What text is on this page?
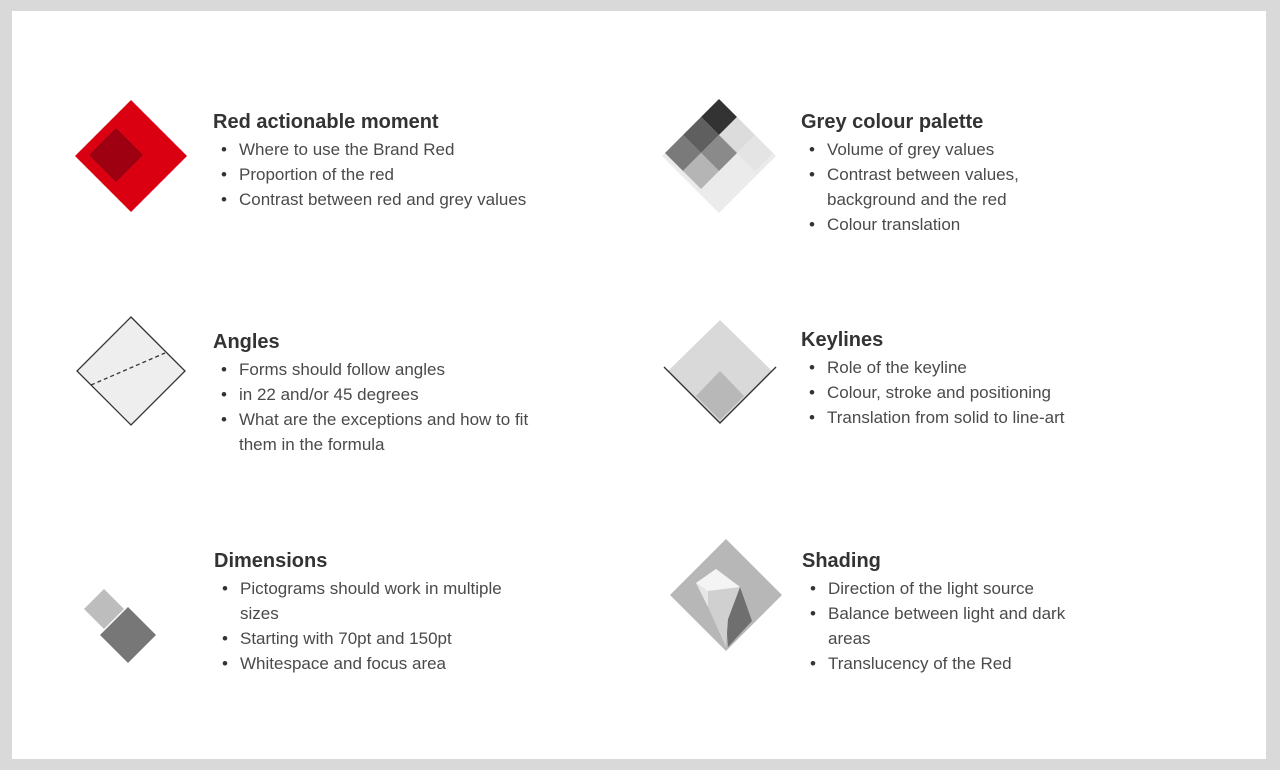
Red actionable moment
• Where to use the Brand Red
• Proportion of the red
• Contrast between red and grey values
Grey colour palette
• Volume of grey values
• Contrast between values, background and the red
• Colour translation
Angles
• Forms should follow angles
• in 22 and/or 45 degrees
• What are the exceptions and how to fit them in the formula
Keylines
• Role of the keyline
• Colour, stroke and positioning
• Translation from solid to line-art
Dimensions
• Pictograms should work in multiple sizes
• Starting with 70pt and 150pt
• Whitespace and focus area
Shading
• Direction of the light source
• Balance between light and dark areas
• Translucency of the Red
